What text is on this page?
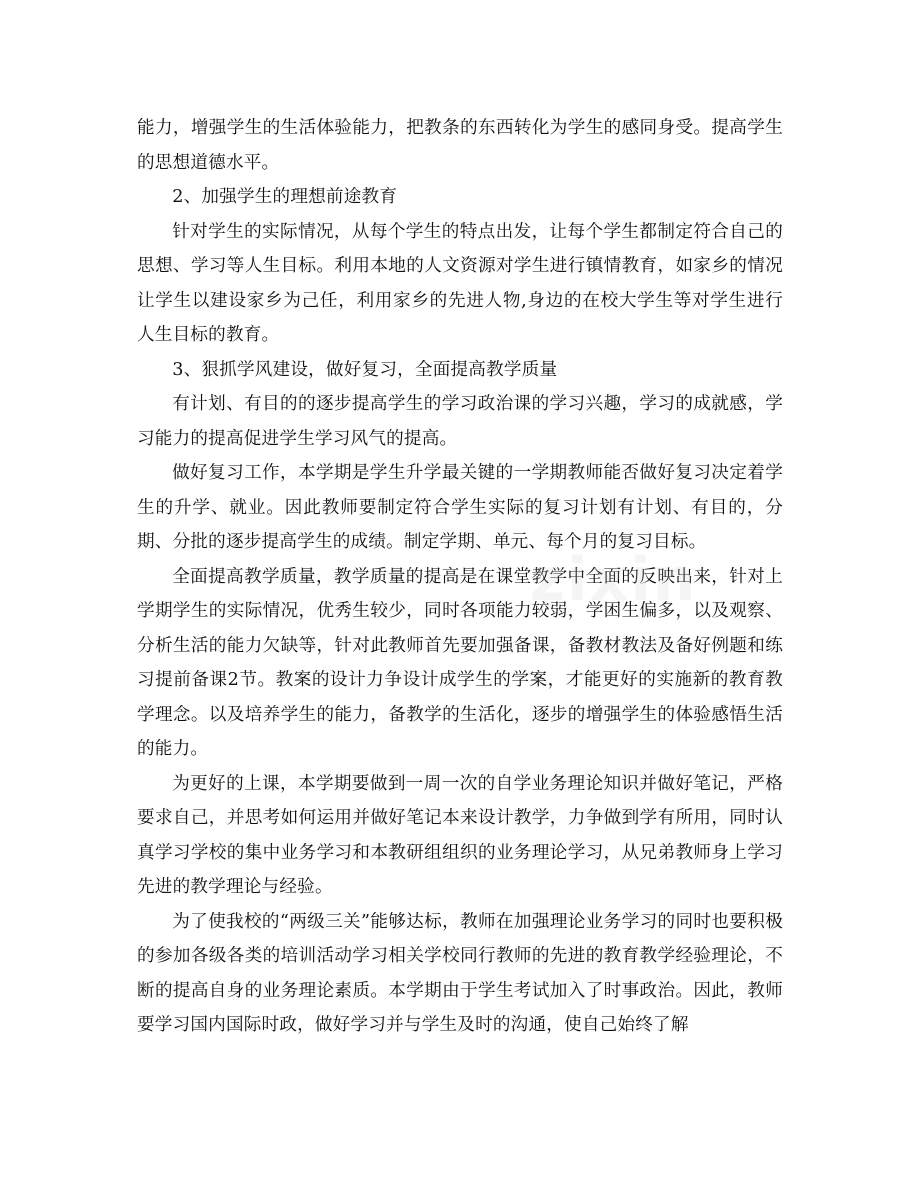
能力，增强学生的生活体验能力，把教条的东西转化为学生的感同身受。提高学生的思想道德水平。

2、加强学生的理想前途教育

针对学生的实际情况，从每个学生的特点出发，让每个学生都制定符合自己的思想、学习等人生目标。利用本地的人文资源对学生进行镇情教育，如家乡的情况让学生以建设家乡为己任，利用家乡的先进人物,身边的在校大学生等对学生进行人生目标的教育。

3、狠抓学风建设，做好复习，全面提高教学质量

有计划、有目的的逐步提高学生的学习政治课的学习兴趣，学习的成就感，学习能力的提高促进学生学习风气的提高。

做好复习工作，本学期是学生升学最关键的一学期教师能否做好复习决定着学生的升学、就业。因此教师要制定符合学生实际的复习计划有计划、有目的，分期、分批的逐步提高学生的成绩。制定学期、单元、每个月的复习目标。

全面提高教学质量，教学质量的提高是在课堂教学中全面的反映出来，针对上学期学生的实际情况，优秀生较少，同时各项能力较弱，学困生偏多，以及观察、分析生活的能力欠缺等，针对此教师首先要加强备课，备教材教法及备好例题和练习提前备课2节。教案的设计力争设计成学生的学案，才能更好的实施新的教育教学理念。以及培养学生的能力，备教学的生活化，逐步的增强学生的体验感悟生活的能力。

为更好的上课，本学期要做到一周一次的自学业务理论知识并做好笔记，严格要求自己，并思考如何运用并做好笔记本来设计教学，力争做到学有所用，同时认真学习学校的集中业务学习和本教研组组织的业务理论学习，从兄弟教师身上学习先进的教学理论与经验。

为了使我校的“两级三关”能够达标，教师在加强理论业务学习的同时也要积极的参加各级各类的培训活动学习相关学校同行教师的先进的教育教学经验理论，不断的提高自身的业务理论素质。本学期由于学生考试加入了时事政治。因此，教师要学习国内国际时政，做好学习并与学生及时的沟通，使自己始终了解

zixin
